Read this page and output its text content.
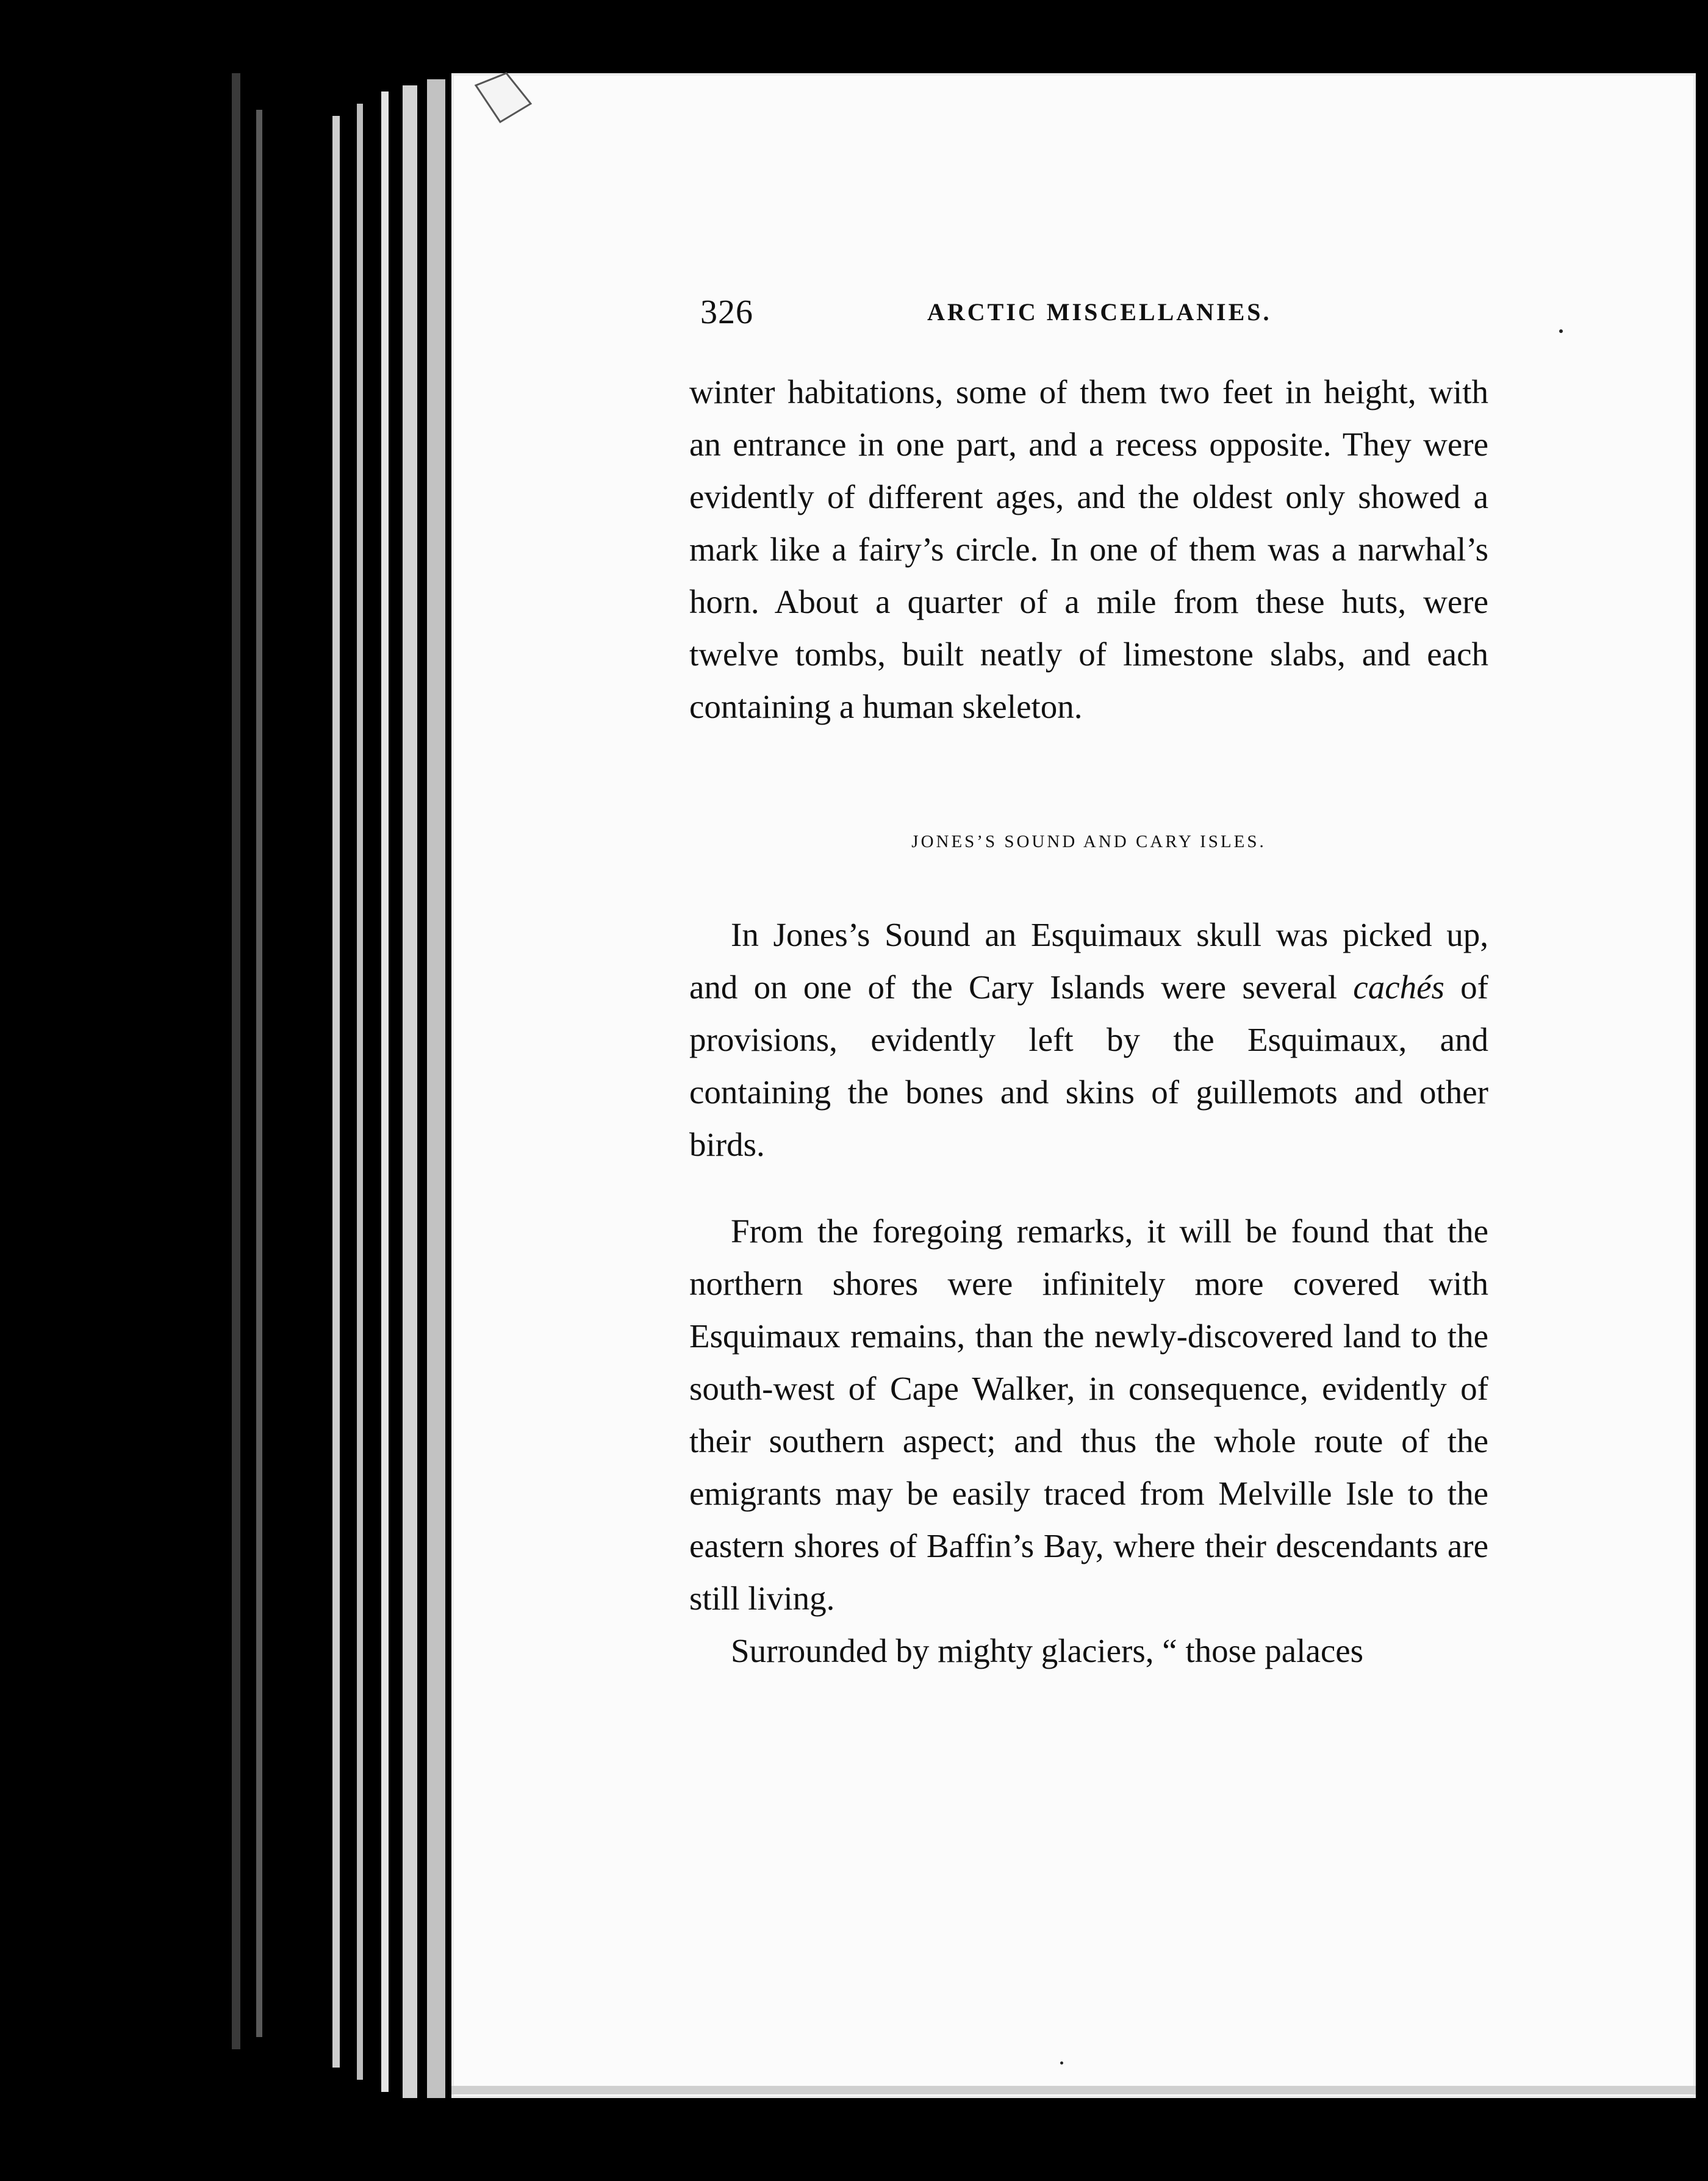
326	ARCTIC MISCELLANIES.

winter habitations, some of them two feet in height, with an entrance in one part, and a recess opposite. They were evidently of different ages, and the oldest only showed a mark like a fairy’s circle. In one of them was a narwhal’s horn. About a quarter of a mile from these huts, were twelve tombs, built neatly of limestone slabs, and each containing a human skeleton.

JONES’S SOUND AND CARY ISLES.

In Jones’s Sound an Esquimaux skull was picked up, and on one of the Cary Islands were several cachés of provisions, evidently left by the Esquimaux, and containing the bones and skins of guillemots and other birds.

From the foregoing remarks, it will be found that the northern shores were infinitely more covered with Esquimaux remains, than the newly-discovered land to the south-west of Cape Walker, in consequence, evidently of their southern aspect; and thus the whole route of the emigrants may be easily traced from Melville Isle to the eastern shores of Baffin’s Bay, where their descendants are still living.

Surrounded by mighty glaciers, “ those palaces
